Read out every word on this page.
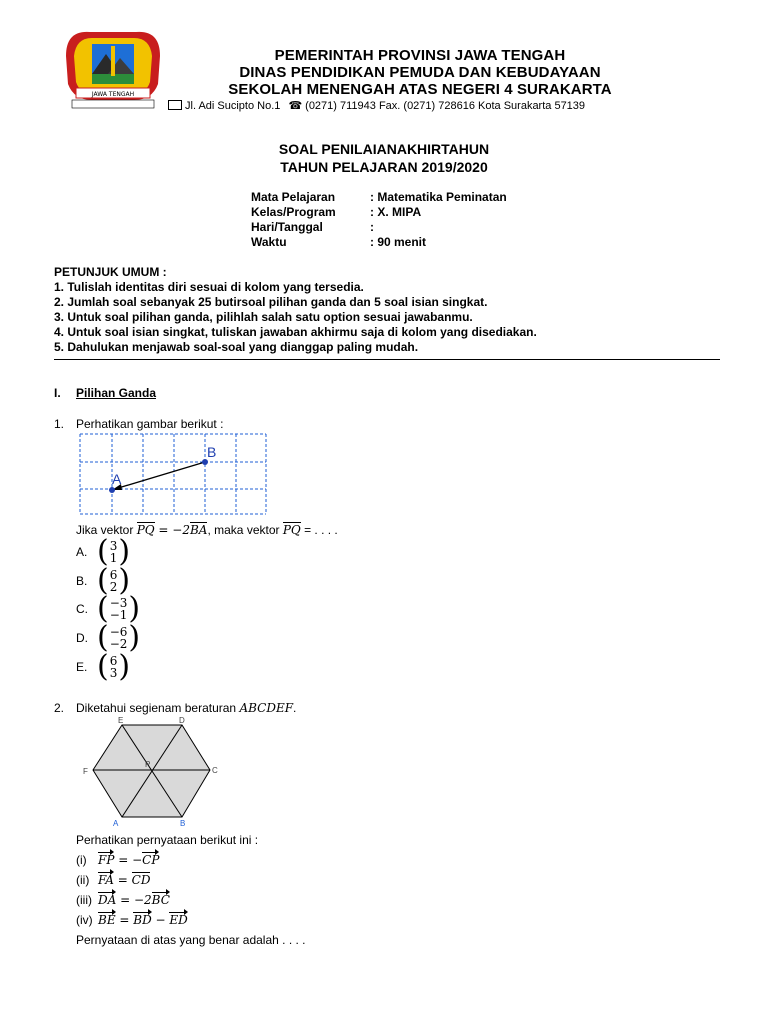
JAWA TENGAH
PEMERINTAH PROVINSI JAWA TENGAH
DINAS PENDIDIKAN PEMUDA DAN KEBUDAYAAN
SEKOLAH MENENGAH ATAS NEGERI 4 SURAKARTA
Jl. Adi Sucipto No.1 ☎ (0271) 711943 Fax. (0271) 728616 Kota Surakarta 57139
SOAL PENILAIANAKHIRTAHUN
TAHUN PELAJARAN 2019/2020
Mata Pelajaran	: Matematika Peminatan
Kelas/Program	: X. MIPA
Hari/Tanggal	:
Waktu	: 90 menit
PETUNJUK UMUM :
1. Tulislah identitas diri sesuai di kolom yang tersedia.
2. Jumlah soal sebanyak 25 butirsoal pilihan ganda dan 5 soal isian singkat.
3. Untuk soal pilihan ganda, pilihlah salah satu option sesuai jawabanmu.
4. Untuk soal isian singkat, tuliskan jawaban akhirmu saja di kolom yang disediakan.
5. Dahulukan menjawab soal-soal yang dianggap paling mudah.
I. Pilihan Ganda
1. Perhatikan gambar berikut :
A
B
Jika vektor PQ = −2BA, maka vektor PQ = . . . .
A. ( 3
1 )
B. ( 6
2 )
C. ( −3
−1 )
D. ( −6
−2 )
E. ( 6
3 )
2. Diketahui segienam beraturan ABCDEF.
E	D
C
F
P
A	B
Perhatikan pernyataan berikut ini :
(i) FP = −CP
(ii) FA = CD
(iii) DA = −2BC
(iv) BE = BD − ED
Pernyataan di atas yang benar adalah . . . .
